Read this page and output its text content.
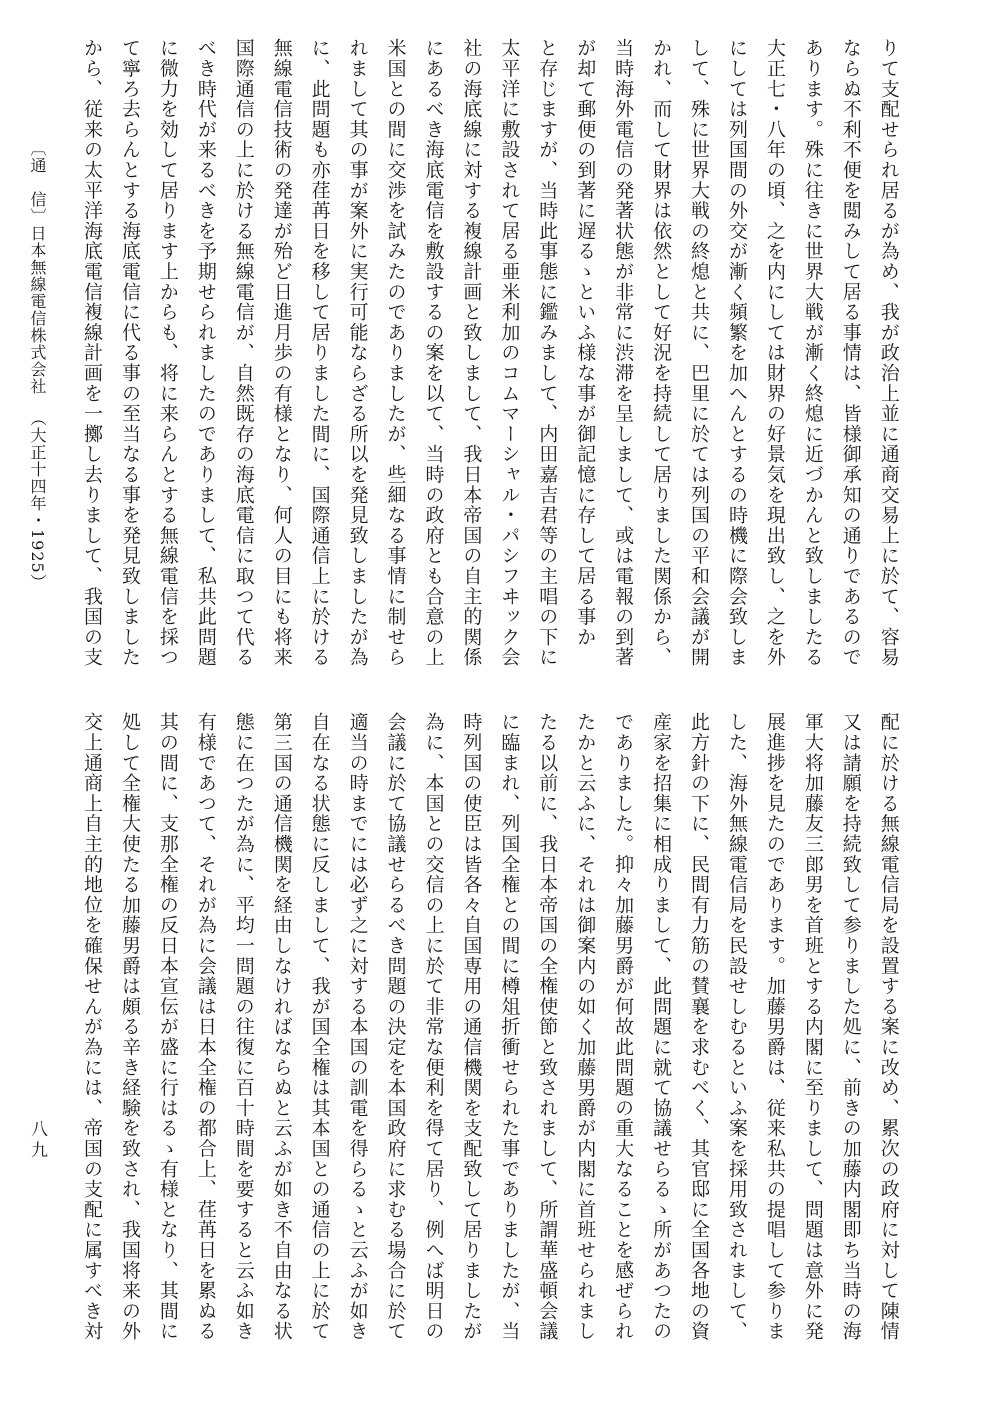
りて支配せられ居るが為め、我が政治上並に通商交易上に於て、容易
ならぬ不利不便を閲みして居る事情は、皆様御承知の通りであるので
あります。殊に往きに世界大戦が漸く終熄に近づかんと致しましたる
大正七・八年の頃、之を内にしては財界の好景気を現出致し、之を外
にしては列国間の外交が漸く頻繁を加へんとするの時機に際会致しま
して、殊に世界大戦の終熄と共に、巴里に於ては列国の平和会議が開
かれ、而して財界は依然として好況を持続して居りました関係から、
当時海外電信の発著状態が非常に渋滞を呈しまして、或は電報の到著
が却て郵便の到著に遅るゝといふ様な事が御記憶に存して居る事か
と存じますが、当時此事態に鑑みまして、内田嘉吉君等の主唱の下に
太平洋に敷設されて居る亜米利加のコムマーシャル・パシフヰック会
社の海底線に対する複線計画と致しまして、我日本帝国の自主的関係
にあるべき海底電信を敷設するの案を以て、当時の政府とも合意の上
米国との間に交渉を試みたのでありましたが、些細なる事情に制せら
れまして其の事が案外に実行可能ならざる所以を発見致しましたが為
に、此問題も亦荏苒日を移して居りました間に、国際通信上に於ける
無線電信技術の発達が殆ど日進月歩の有様となり、何人の目にも将来
国際通信の上に於ける無線電信が、自然既存の海底電信に取つて代る
べき時代が来るべきを予期せられましたのでありまして、私共此問題
に微力を効して居ります上からも、将に来らんとする無線電信を採つ
て寧ろ去らんとする海底電信に代る事の至当なる事を発見致しました
から、従来の太平洋海底電信複線計画を一擲し去りまして、我国の支
配に於ける無線電信局を設置する案に改め、累次の政府に対して陳情
又は請願を持続致して参りました処に、前きの加藤内閣即ち当時の海
軍大将加藤友三郎男を首班とする内閣に至りまして、問題は意外に発
展進捗を見たのであります。加藤男爵は、従来私共の提唱して参りま
した、海外無線電信局を民設せしむるといふ案を採用致されまして、
此方針の下に、民間有力筋の賛襄を求むべく、其官邸に全国各地の資
産家を招集に相成りまして、此問題に就て協議せらるゝ所があつたの
でありました。抑々加藤男爵が何故此問題の重大なることを感ぜられ
たかと云ふに、それは御案内の如く加藤男爵が内閣に首班せられまし
たる以前に、我日本帝国の全権使節と致されまして、所謂華盛頓会議
に臨まれ、列国全権との間に樽俎折衝せられた事でありましたが、当
時列国の使臣は皆各々自国専用の通信機関を支配致して居りましたが
為に、本国との交信の上に於て非常な便利を得て居り、例へば明日の
会議に於て協議せらるべき問題の決定を本国政府に求むる場合に於て
適当の時までには必ず之に対する本国の訓電を得らるゝと云ふが如き
自在なる状態に反しまして、我が国全権は其本国との通信の上に於て
第三国の通信機関を経由しなければならぬと云ふが如き不自由なる状
態に在つたが為に、平均一問題の往復に百十時間を要すると云ふ如き
有様であつて、それが為に会議は日本全権の都合上、荏苒日を累ぬる
其の間に、支那全権の反日本宣伝が盛に行はるゝ有様となり、其間に
処して全権大使たる加藤男爵は頗る辛き経験を致され、我国将来の外
交上通商上自主的地位を確保せんが為には、帝国の支配に属すべき対
〔通　信〕
日本無線電信株式会社
（大正十四年・1925）
八九
